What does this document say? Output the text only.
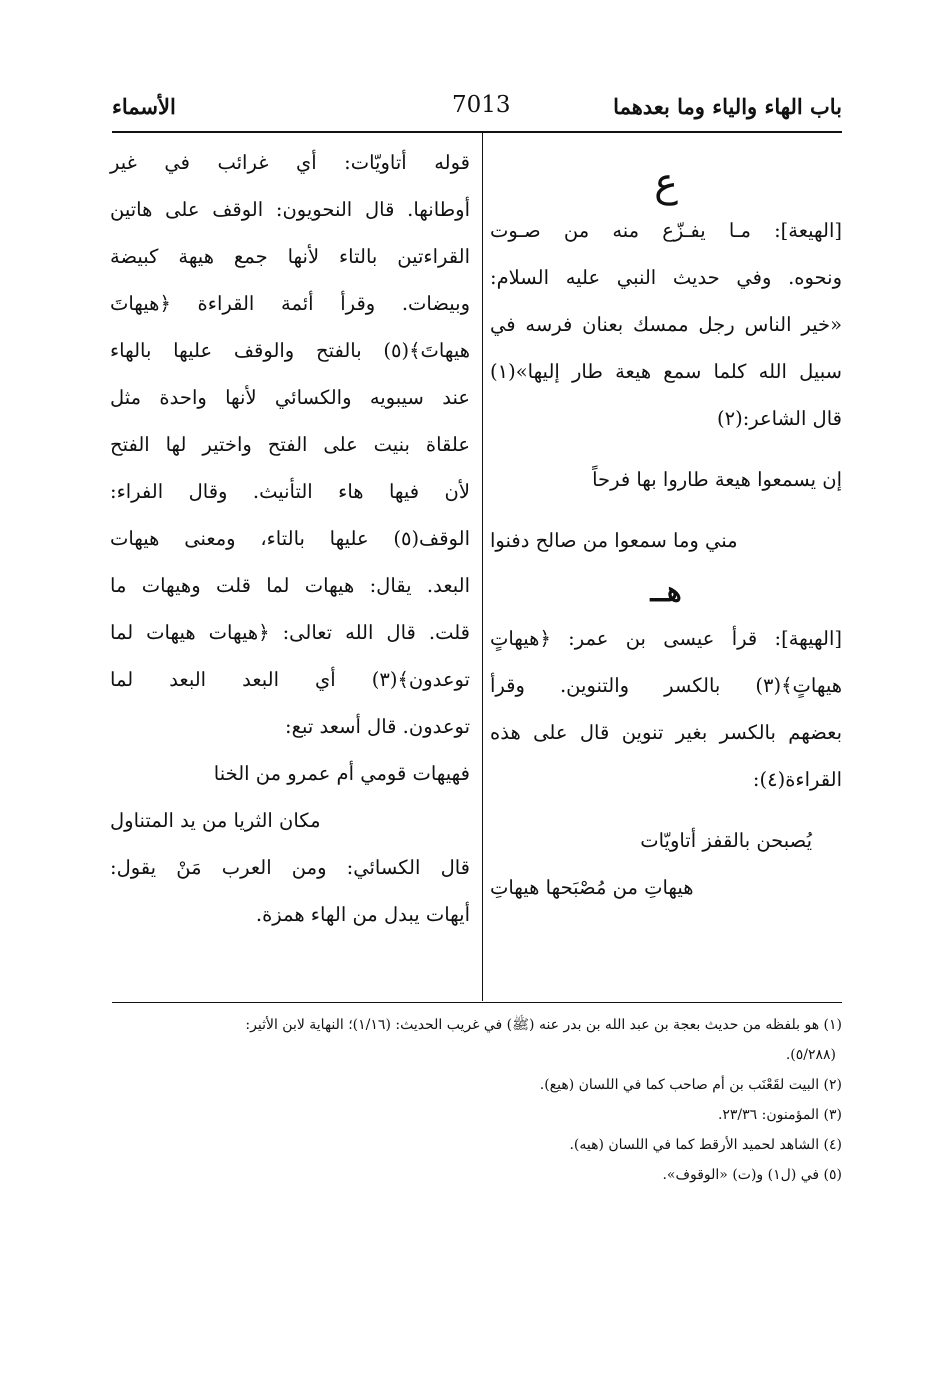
باب الهاء والياء وما بعدهما
7013
الأسماء
ع
[الهيعة]: مـا يفـزّع منه من صـوت
ونحوه. وفي حديث النبي عليه السلام:
«خير الناس رجل ممسك بعنان فرسه في
سبيل الله كلما سمع هيعة طار إليها»(١)
قال الشاعر:(٢)
إن يسمعوا هيعة طاروا بها فرحاً
مني وما سمعوا من صالح دفنوا
هــ
[الهيهة]: قرأ عيسى بن عمر: ﴿هيهاتٍ
هيهاتٍ﴾(٣) بالكسر والتنوين. وقرأ
بعضهم بالكسر بغير تنوين قال على هذه
القراءة(٤):
يُصبحن بالقفز أتاويّات
هيهاتِ من مُصْبَحها هيهاتِ
قوله أتاويّات: أي غرائب في غير
أوطانها. قال النحويون: الوقف على هاتين
القراءتين بالتاء لأنها جمع هيهة كبيضة
وبيضات. وقرأ أئمة القراءة ﴿هيهاتَ
هيهاتَ﴾(٥) بالفتح والوقف عليها بالهاء
عند سيبويه والكسائي لأنها واحدة مثل
علقاة بنيت على الفتح واختير لها الفتح
لأن فيها هاء التأنيث. وقال الفراء:
الوقف(٥) عليها بالتاء، ومعنى هيهات
البعد. يقال: هيهات لما قلت وهيهات ما
قلت. قال الله تعالى: ﴿هيهات هيهات لما
توعدون﴾(٣) أي البعد البعد لما
توعدون. قال أسعد تبع:
فهيهات قومي أم عمرو من الخنا
مكان الثريا من يد المتناول
قال الكسائي: ومن العرب مَنْ يقول:
أيهات يبدل من الهاء همزة.
(١) هو بلفظه من حديث بعجة بن عبد الله بن بدر عنه (ﷺ) في غريب الحديث: (١/١٦)؛ النهاية لابن الأثير:
(٥/٢٨٨).
(٢) البيت لقَعْنَب بن أم صاحب كما في اللسان (هيع).
(٣) المؤمنون: ٢٣/٣٦.
(٤) الشاهد لحميد الأرقط كما في اللسان (هيه).
(٥) في (ل١) و(ت) «الوقوف».
